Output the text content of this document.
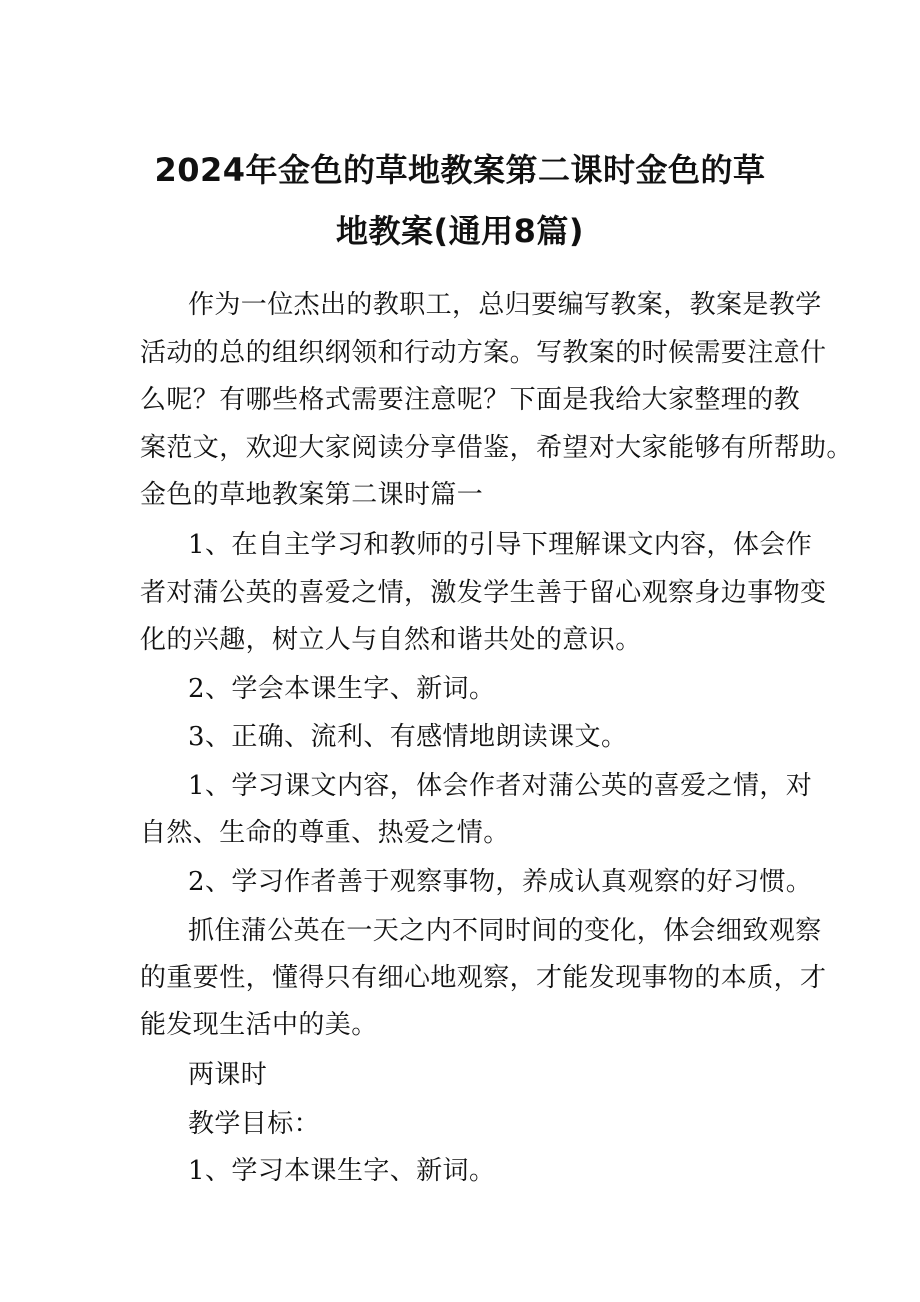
2024年金色的草地教案第二课时金色的草
地教案(通用8篇)
作为一位杰出的教职工，总归要编写教案，教案是教学
活动的总的组织纲领和行动方案。写教案的时候需要注意什
么呢？有哪些格式需要注意呢？下面是我给大家整理的教
案范文，欢迎大家阅读分享借鉴，希望对大家能够有所帮助。
金色的草地教案第二课时篇一
1、在自主学习和教师的引导下理解课文内容，体会作
者对蒲公英的喜爱之情，激发学生善于留心观察身边事物变
化的兴趣，树立人与自然和谐共处的意识。
2、学会本课生字、新词。
3、正确、流利、有感情地朗读课文。
1、学习课文内容，体会作者对蒲公英的喜爱之情，对
自然、生命的尊重、热爱之情。
2、学习作者善于观察事物，养成认真观察的好习惯。
抓住蒲公英在一天之内不同时间的变化，体会细致观察
的重要性，懂得只有细心地观察，才能发现事物的本质，才
能发现生活中的美。
两课时
教学目标：
1、学习本课生字、新词。
